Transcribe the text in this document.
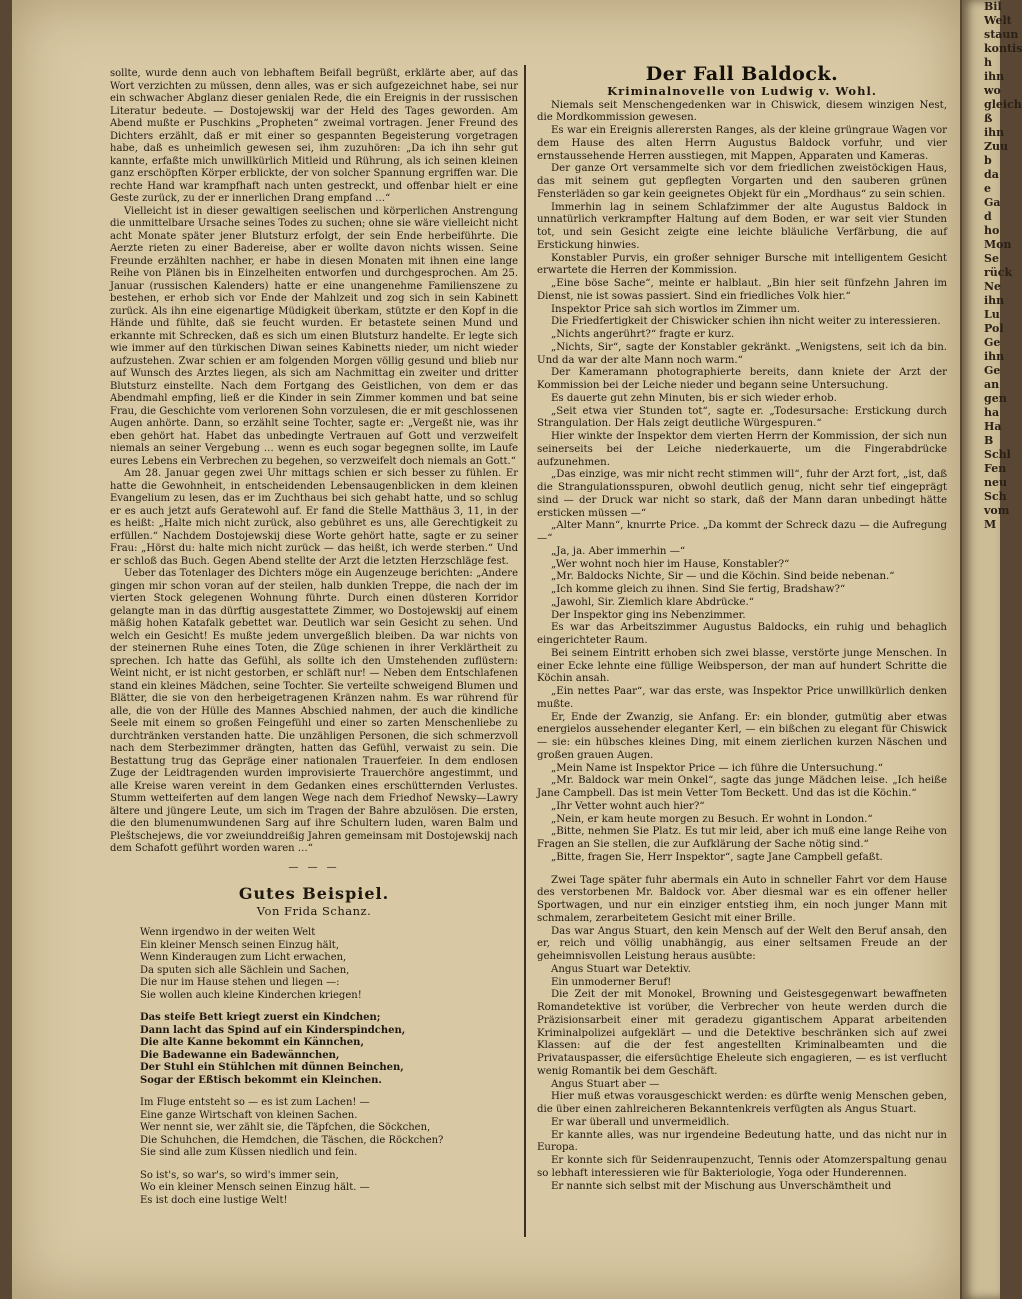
Bil
Welt
staun
kontis
h
ihn
wo
gleich
ß
ihn
Zuu
b
da
e
Ga
d
ho
Mon
Se
rück
Ne
ihn
Lu
Pol
Ge
ihn
Ge
an
gen
ha
Ha
B
Schl
Fen
neu
Sch
vom
M

sollte, wurde denn auch von lebhaftem Beifall begrüßt, erklärte aber, auf das Wort verzichten zu müssen, denn alles, was er sich aufgezeichnet habe, sei nur ein schwacher Abglanz dieser genialen Rede, die ein Ereignis in der russischen Literatur bedeute. — Dostojewskij war der Held des Tages geworden. Am Abend mußte er Puschkins „Propheten“ zweimal vortragen. Jener Freund des Dichters erzählt, daß er mit einer so gespannten Begeisterung vorgetragen habe, daß es unheimlich gewesen sei, ihm zuzuhören: „Da ich ihn sehr gut kannte, erfaßte mich unwillkürlich Mitleid und Rührung, als ich seinen kleinen ganz erschöpften Körper erblickte, der von solcher Spannung ergriffen war. Die rechte Hand war krampfhaft nach unten gestreckt, und offenbar hielt er eine Geste zurück, zu der er innerlichen Drang empfand …“

Vielleicht ist in dieser gewaltigen seelischen und körperlichen Anstrengung die unmittelbare Ursache seines Todes zu suchen; ohne sie wäre vielleicht nicht acht Monate später jener Blutsturz erfolgt, der sein Ende herbeiführte. Die Aerzte rieten zu einer Badereise, aber er wollte davon nichts wissen. Seine Freunde erzählten nachher, er habe in diesen Monaten mit ihnen eine lange Reihe von Plänen bis in Einzelheiten entworfen und durchgesprochen. Am 25. Januar (russischen Kalenders) hatte er eine unangenehme Familienszene zu bestehen, er erhob sich vor Ende der Mahlzeit und zog sich in sein Kabinett zurück. Als ihn eine eigenartige Müdigkeit überkam, stützte er den Kopf in die Hände und fühlte, daß sie feucht wurden. Er betastete seinen Mund und erkannte mit Schrecken, daß es sich um einen Blutsturz handelte. Er legte sich wie immer auf den türkischen Diwan seines Kabinetts nieder, um nicht wieder aufzustehen. Zwar schien er am folgenden Morgen völlig gesund und blieb nur auf Wunsch des Arztes liegen, als sich am Nachmittag ein zweiter und dritter Blutsturz einstellte. Nach dem Fortgang des Geistlichen, von dem er das Abendmahl empfing, ließ er die Kinder in sein Zimmer kommen und bat seine Frau, die Geschichte vom verlorenen Sohn vorzulesen, die er mit geschlossenen Augen anhörte. Dann, so erzählt seine Tochter, sagte er: „Vergeßt nie, was ihr eben gehört hat. Habet das unbedingte Vertrauen auf Gott und verzweifelt niemals an seiner Vergebung … wenn es euch sogar begegnen sollte, im Laufe eures Lebens ein Verbrechen zu begehen, so verzweifelt doch niemals an Gott.“

Am 28. Januar gegen zwei Uhr mittags schien er sich besser zu fühlen. Er hatte die Gewohnheit, in entscheidenden Lebensaugenblicken in dem kleinen Evangelium zu lesen, das er im Zuchthaus bei sich gehabt hatte, und so schlug er es auch jetzt aufs Geratewohl auf. Er fand die Stelle Matthäus 3, 11, in der es heißt: „Halte mich nicht zurück, also gebühret es uns, alle Gerechtigkeit zu erfüllen.“ Nachdem Dostojewskij diese Worte gehört hatte, sagte er zu seiner Frau: „Hörst du: halte mich nicht zurück — das heißt, ich werde sterben.“ Und er schloß das Buch. Gegen Abend stellte der Arzt die letzten Herzschläge fest.

Ueber das Totenlager des Dichters möge ein Augenzeuge berichten: „Andere gingen mir schon voran auf der steilen, halb dunklen Treppe, die nach der im vierten Stock gelegenen Wohnung führte. Durch einen düsteren Korridor gelangte man in das dürftig ausgestattete Zimmer, wo Dostojewskij auf einem mäßig hohen Katafalk gebettet war. Deutlich war sein Gesicht zu sehen. Und welch ein Gesicht! Es mußte jedem unvergeßlich bleiben. Da war nichts von der steinernen Ruhe eines Toten, die Züge schienen in ihrer Verklärtheit zu sprechen. Ich hatte das Gefühl, als sollte ich den Umstehenden zuflüstern: Weint nicht, er ist nicht gestorben, er schläft nur! — Neben dem Entschlafenen stand ein kleines Mädchen, seine Tochter. Sie verteilte schweigend Blumen und Blätter, die sie von den herbeigetragenen Kränzen nahm. Es war rührend für alle, die von der Hülle des Mannes Abschied nahmen, der auch die kindliche Seele mit einem so großen Feingefühl und einer so zarten Menschenliebe zu durchtränken verstanden hatte. Die unzähligen Personen, die sich schmerzvoll nach dem Sterbezimmer drängten, hatten das Gefühl, verwaist zu sein. Die Bestattung trug das Gepräge einer nationalen Trauerfeier. In dem endlosen Zuge der Leidtragenden wurden improvisierte Trauerchöre angestimmt, und alle Kreise waren vereint in dem Gedanken eines erschütternden Verlustes. Stumm wetteiferten auf dem langen Wege nach dem Friedhof Newsky—Lawry ältere und jüngere Leute, um sich im Tragen der Bahre abzulösen. Die ersten, die den blumenumwundenen Sarg auf ihre Schultern luden, waren Balm und Pleštschejews, die vor zweiunddreißig Jahren gemeinsam mit Dostojewskij nach dem Schafott geführt worden waren …“

— — —
Gutes Beispiel.
Von Frida Schanz.
Wenn irgendwo in der weiten Welt
Ein kleiner Mensch seinen Einzug hält,
Wenn Kinderaugen zum Licht erwachen,
Da sputen sich alle Sächlein und Sachen,
Die nur im Hause stehen und liegen —:
Sie wollen auch kleine Kinderchen kriegen!
Das steife Bett kriegt zuerst ein Kindchen;
Dann lacht das Spind auf ein Kinderspindchen,
Die alte Kanne bekommt ein Kännchen,
Die Badewanne ein Badewännchen,
Der Stuhl ein Stühlchen mit dünnen Beinchen,
Sogar der Eßtisch bekommt ein Kleinchen.
Im Fluge entsteht so — es ist zum Lachen! —
Eine ganze Wirtschaft von kleinen Sachen.
Wer nennt sie, wer zählt sie, die Täpfchen, die Söckchen,
Die Schuhchen, die Hemdchen, die Täschen, die Röckchen?
Sie sind alle zum Küssen niedlich und fein.
So ist's, so war's, so wird's immer sein,
Wo ein kleiner Mensch seinen Einzug hält. —
Es ist doch eine lustige Welt!
Der Fall Baldock.
Kriminalnovelle von Ludwig v. Wohl.

Niemals seit Menschengedenken war in Chiswick, diesem winzigen Nest, die Mordkommission gewesen.

Es war ein Ereignis allerersten Ranges, als der kleine grüngraue Wagen vor dem Hause des alten Herrn Augustus Baldock vorfuhr, und vier ernstaussehende Herren ausstiegen, mit Mappen, Apparaten und Kameras.

Der ganze Ort versammelte sich vor dem friedlichen zweistöckigen Haus, das mit seinem gut gepflegten Vorgarten und den sauberen grünen Fensterläden so gar kein geeignetes Objekt für ein „Mordhaus“ zu sein schien.

Immerhin lag in seinem Schlafzimmer der alte Augustus Baldock in unnatürlich verkrampfter Haltung auf dem Boden, er war seit vier Stunden tot, und sein Gesicht zeigte eine leichte bläuliche Verfärbung, die auf Erstickung hinwies.

Konstabler Purvis, ein großer sehniger Bursche mit intelligentem Gesicht erwartete die Herren der Kommission.

„Eine böse Sache“, meinte er halblaut. „Bin hier seit fünfzehn Jahren im Dienst, nie ist sowas passiert. Sind ein friedliches Volk hier.“

Inspektor Price sah sich wortlos im Zimmer um.

Die Friedfertigkeit der Chiswicker schien ihn nicht weiter zu interessieren.

„Nichts angerührt?“ fragte er kurz.

„Nichts, Sir“, sagte der Konstabler gekränkt. „Wenigstens, seit ich da bin. Und da war der alte Mann noch warm.“

Der Kameramann photographierte bereits, dann kniete der Arzt der Kommission bei der Leiche nieder und begann seine Untersuchung.

Es dauerte gut zehn Minuten, bis er sich wieder erhob.

„Seit etwa vier Stunden tot“, sagte er. „Todesursache: Erstickung durch Strangulation. Der Hals zeigt deutliche Würgespuren.“

Hier winkte der Inspektor dem vierten Herrn der Kommission, der sich nun seinerseits bei der Leiche niederkauerte, um die Fingerabdrücke aufzunehmen.

„Das einzige, was mir nicht recht stimmen will“, fuhr der Arzt fort, „ist, daß die Strangulationsspuren, obwohl deutlich genug, nicht sehr tief eingeprägt sind — der Druck war nicht so stark, daß der Mann daran unbedingt hätte ersticken müssen —“

„Alter Mann“, knurrte Price. „Da kommt der Schreck dazu — die Aufregung —“

„Ja, ja. Aber immerhin —“

„Wer wohnt noch hier im Hause, Konstabler?“

„Mr. Baldocks Nichte, Sir — und die Köchin. Sind beide nebenan.“

„Ich komme gleich zu ihnen. Sind Sie fertig, Bradshaw?“

„Jawohl, Sir. Ziemlich klare Abdrücke.“

Der Inspektor ging ins Nebenzimmer.

Es war das Arbeitszimmer Augustus Baldocks, ein ruhig und behaglich eingerichteter Raum.

Bei seinem Eintritt erhoben sich zwei blasse, verstörte junge Menschen. In einer Ecke lehnte eine füllige Weibsperson, der man auf hundert Schritte die Köchin ansah.

„Ein nettes Paar“, war das erste, was Inspektor Price unwillkürlich denken mußte.

Er, Ende der Zwanzig, sie Anfang. Er: ein blonder, gutmütig aber etwas energielos aussehender eleganter Kerl, — ein bißchen zu elegant für Chiswick — sie: ein hübsches kleines Ding, mit einem zierlichen kurzen Näschen und großen grauen Augen.

„Mein Name ist Inspektor Price — ich führe die Untersuchung.“

„Mr. Baldock war mein Onkel“, sagte das junge Mädchen leise. „Ich heiße Jane Campbell. Das ist mein Vetter Tom Beckett. Und das ist die Köchin.“

„Ihr Vetter wohnt auch hier?“

„Nein, er kam heute morgen zu Besuch. Er wohnt in London.“

„Bitte, nehmen Sie Platz. Es tut mir leid, aber ich muß eine lange Reihe von Fragen an Sie stellen, die zur Aufklärung der Sache nötig sind.“

„Bitte, fragen Sie, Herr Inspektor“, sagte Jane Campbell gefaßt.

Zwei Tage später fuhr abermals ein Auto in schneller Fahrt vor dem Hause des verstorbenen Mr. Baldock vor. Aber diesmal war es ein offener heller Sportwagen, und nur ein einziger entstieg ihm, ein noch junger Mann mit schmalem, zerarbeitetem Gesicht mit einer Brille.

Das war Angus Stuart, den kein Mensch auf der Welt den Beruf ansah, den er, reich und völlig unabhängig, aus einer seltsamen Freude an der geheimnisvollen Leistung heraus ausübte:

Angus Stuart war Detektiv.

Ein unmoderner Beruf!

Die Zeit der mit Monokel, Browning und Geistesgegenwart bewaffneten Romandetektive ist vorüber, die Verbrecher von heute werden durch die Präzisionsarbeit einer mit geradezu gigantischem Apparat arbeitenden Kriminalpolizei aufgeklärt — und die Detektive beschränken sich auf zwei Klassen: auf die der fest angestellten Kriminalbeamten und die Privatauspasser, die eifersüchtige Eheleute sich engagieren, — es ist verflucht wenig Romantik bei dem Geschäft.

Angus Stuart aber —

Hier muß etwas vorausgeschickt werden: es dürfte wenig Menschen geben, die über einen zahlreicheren Bekanntenkreis verfügten als Angus Stuart.

Er war überall und unvermeidlich.

Er kannte alles, was nur irgendeine Bedeutung hatte, und das nicht nur in Europa.

Er konnte sich für Seidenraupenzucht, Tennis oder Atomzerspaltung genau so lebhaft interessieren wie für Bakteriologie, Yoga oder Hunderennen.

Er nannte sich selbst mit der Mischung aus Unverschämtheit und
